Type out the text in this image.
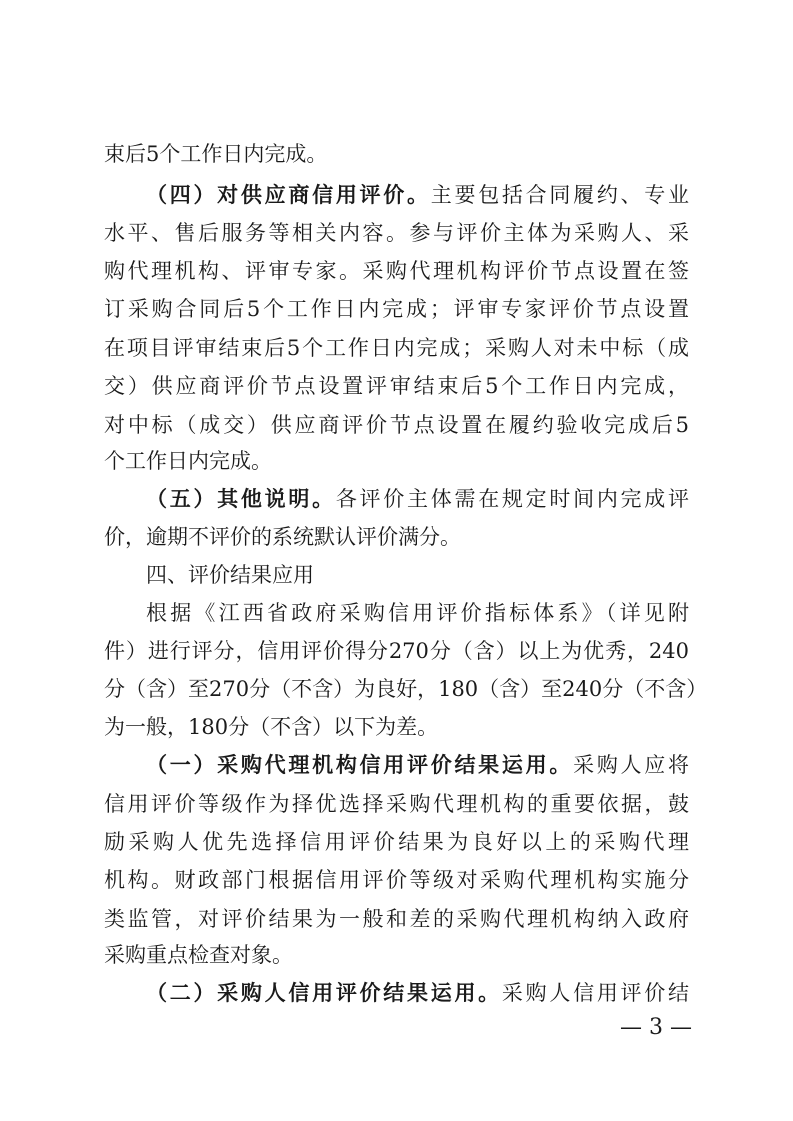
束后5个工作日内完成。
（四）对供应商信用评价。主要包括合同履约、专业
水平、售后服务等相关内容。参与评价主体为采购人、采
购代理机构、评审专家。采购代理机构评价节点设置在签
订采购合同后5个工作日内完成；评审专家评价节点设置
在项目评审结束后5个工作日内完成；采购人对未中标（成
交）供应商评价节点设置评审结束后5个工作日内完成，
对中标（成交）供应商评价节点设置在履约验收完成后5
个工作日内完成。
（五）其他说明。各评价主体需在规定时间内完成评
价，逾期不评价的系统默认评价满分。
四、评价结果应用
根据《江西省政府采购信用评价指标体系》（详见附
件）进行评分，信用评价得分270分（含）以上为优秀，240
分（含）至270分（不含）为良好，180（含）至240分（不含）
为一般，180分（不含）以下为差。
（一）采购代理机构信用评价结果运用。采购人应将
信用评价等级作为择优选择采购代理机构的重要依据，鼓
励采购人优先选择信用评价结果为良好以上的采购代理
机构。财政部门根据信用评价等级对采购代理机构实施分
类监管，对评价结果为一般和差的采购代理机构纳入政府
采购重点检查对象。
（二）采购人信用评价结果运用。采购人信用评价结
— 3 —
